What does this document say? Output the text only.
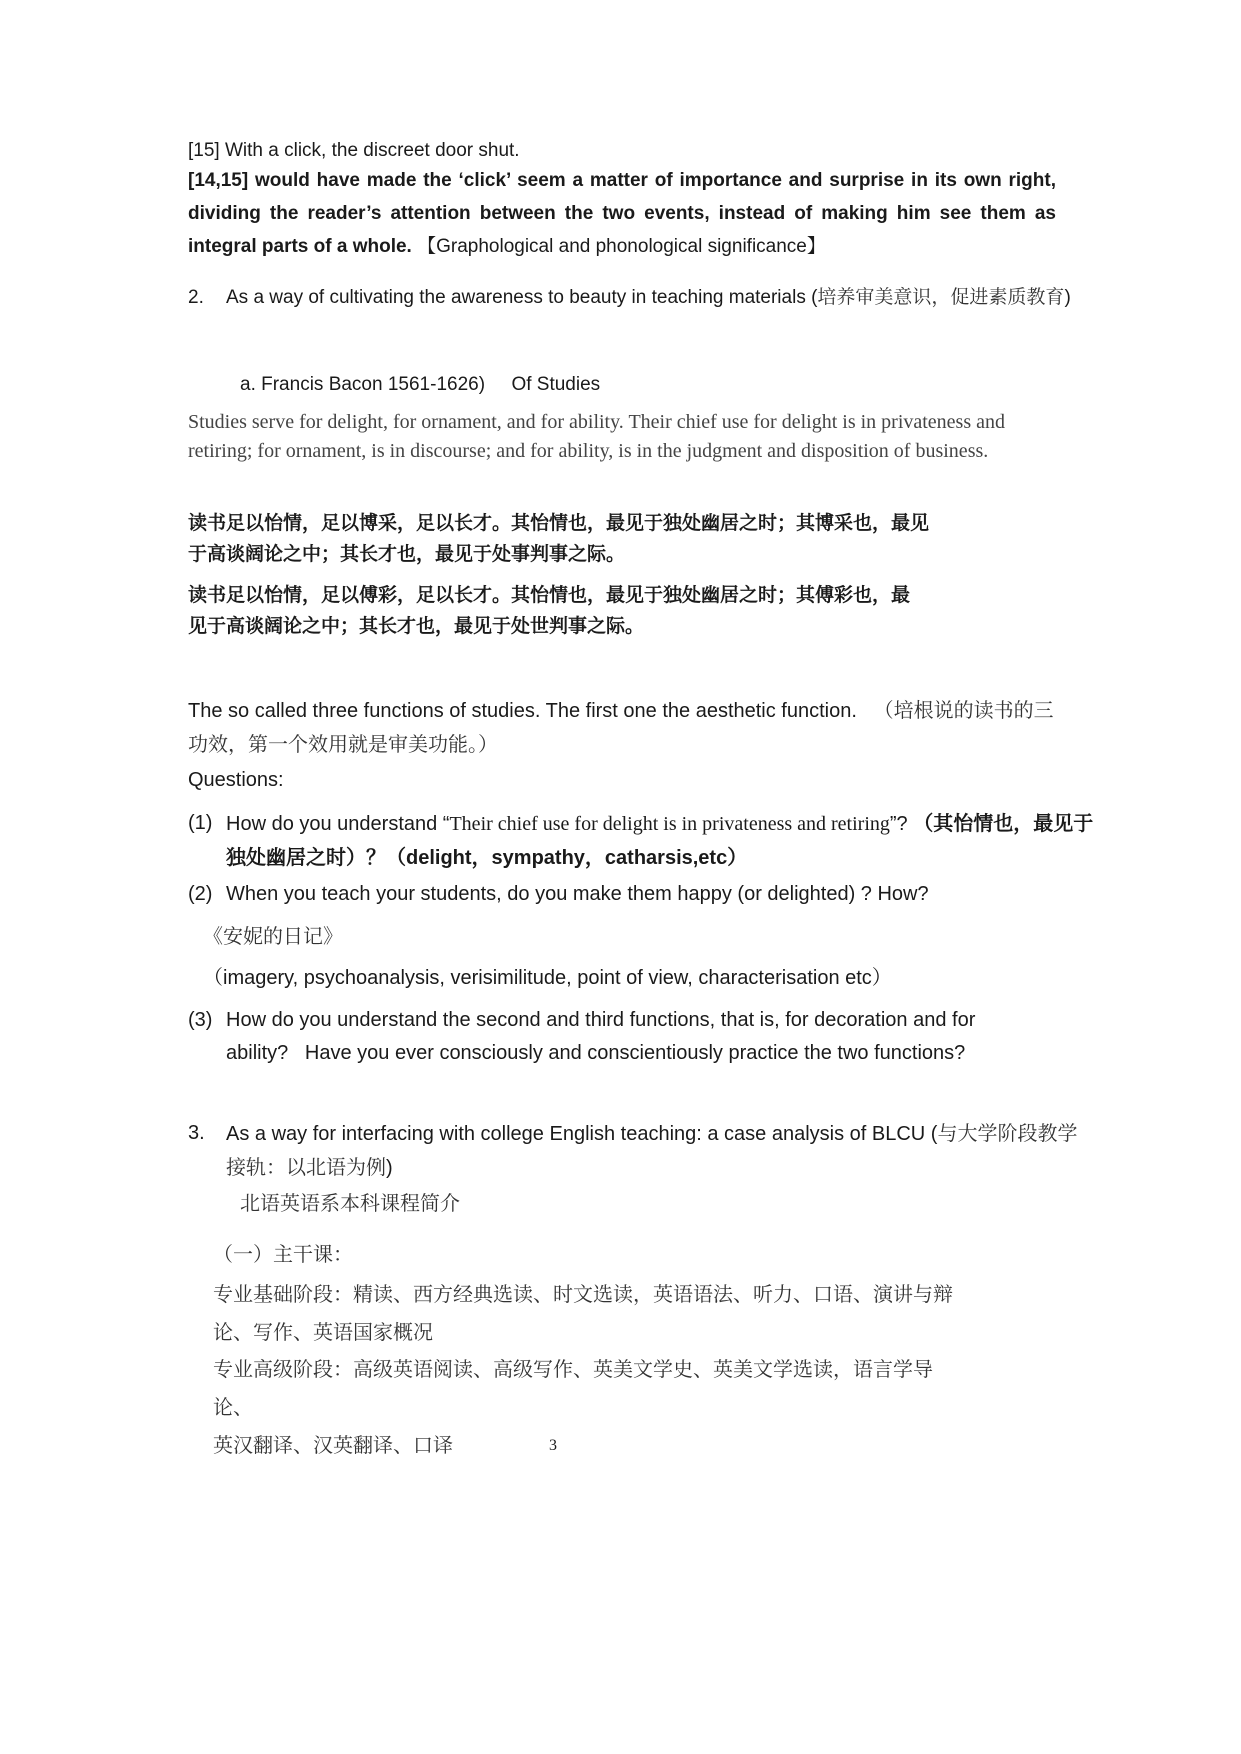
[15] With a click, the discreet door shut.

[14,15] would have made the ‘click’ seem a matter of importance and surprise in its own right, dividing the reader’s attention between the two events, instead of making him see them as integral parts of a whole. 【Graphological and phonological significance】

2. As a way of cultivating the awareness to beauty in teaching materials (培养审美意识，促进素质教育)

a. Francis Bacon 1561-1626) Of Studies

Studies serve for delight, for ornament, and for ability. Their chief use for delight is in privateness and retiring; for ornament, is in discourse; and for ability, is in the judgment and disposition of business.

读书足以怡情，足以博采，足以长才。其怡情也，最见于独处幽居之时；其博采也，最见
于高谈阔论之中；其长才也，最见于处事判事之际。
读书足以怡情，足以傅彩，足以长才。其怡情也，最见于独处幽居之时；其傅彩也，最
见于高谈阔论之中；其长才也，最见于处世判事之际。

The so called three functions of studies. The first one the aesthetic function. （培根说的读书的三功效，第一个效用就是审美功能。）

Questions:

(1) How do you understand “Their chief use for delight is in privateness and retiring”? （其怡情也，最见于独处幽居之时）？（delight，sympathy，catharsis,etc）
(2) When you teach your students, do you make them happy (or delighted) ? How?

《安妮的日记》

（imagery, psychoanalysis, verisimilitude, point of view, characterisation etc）

(3) How do you understand the second and third functions, that is, for decoration and for ability?   Have you ever consciously and conscientiously practice the two functions?
3. As a way for interfacing with college English teaching: a case analysis of BLCU (与大学阶段教学接轨：以北语为例)

北语英语系本科课程简介

（一）主干课：

专业基础阶段：精读、西方经典选读、时文选读，英语语法、听力、口语、演讲与辩
论、写作、英语国家概况
专业高级阶段：高级英语阅读、高级写作、英美文学史、英美文学选读，语言学导论、
英汉翻译、汉英翻译、口译	3
